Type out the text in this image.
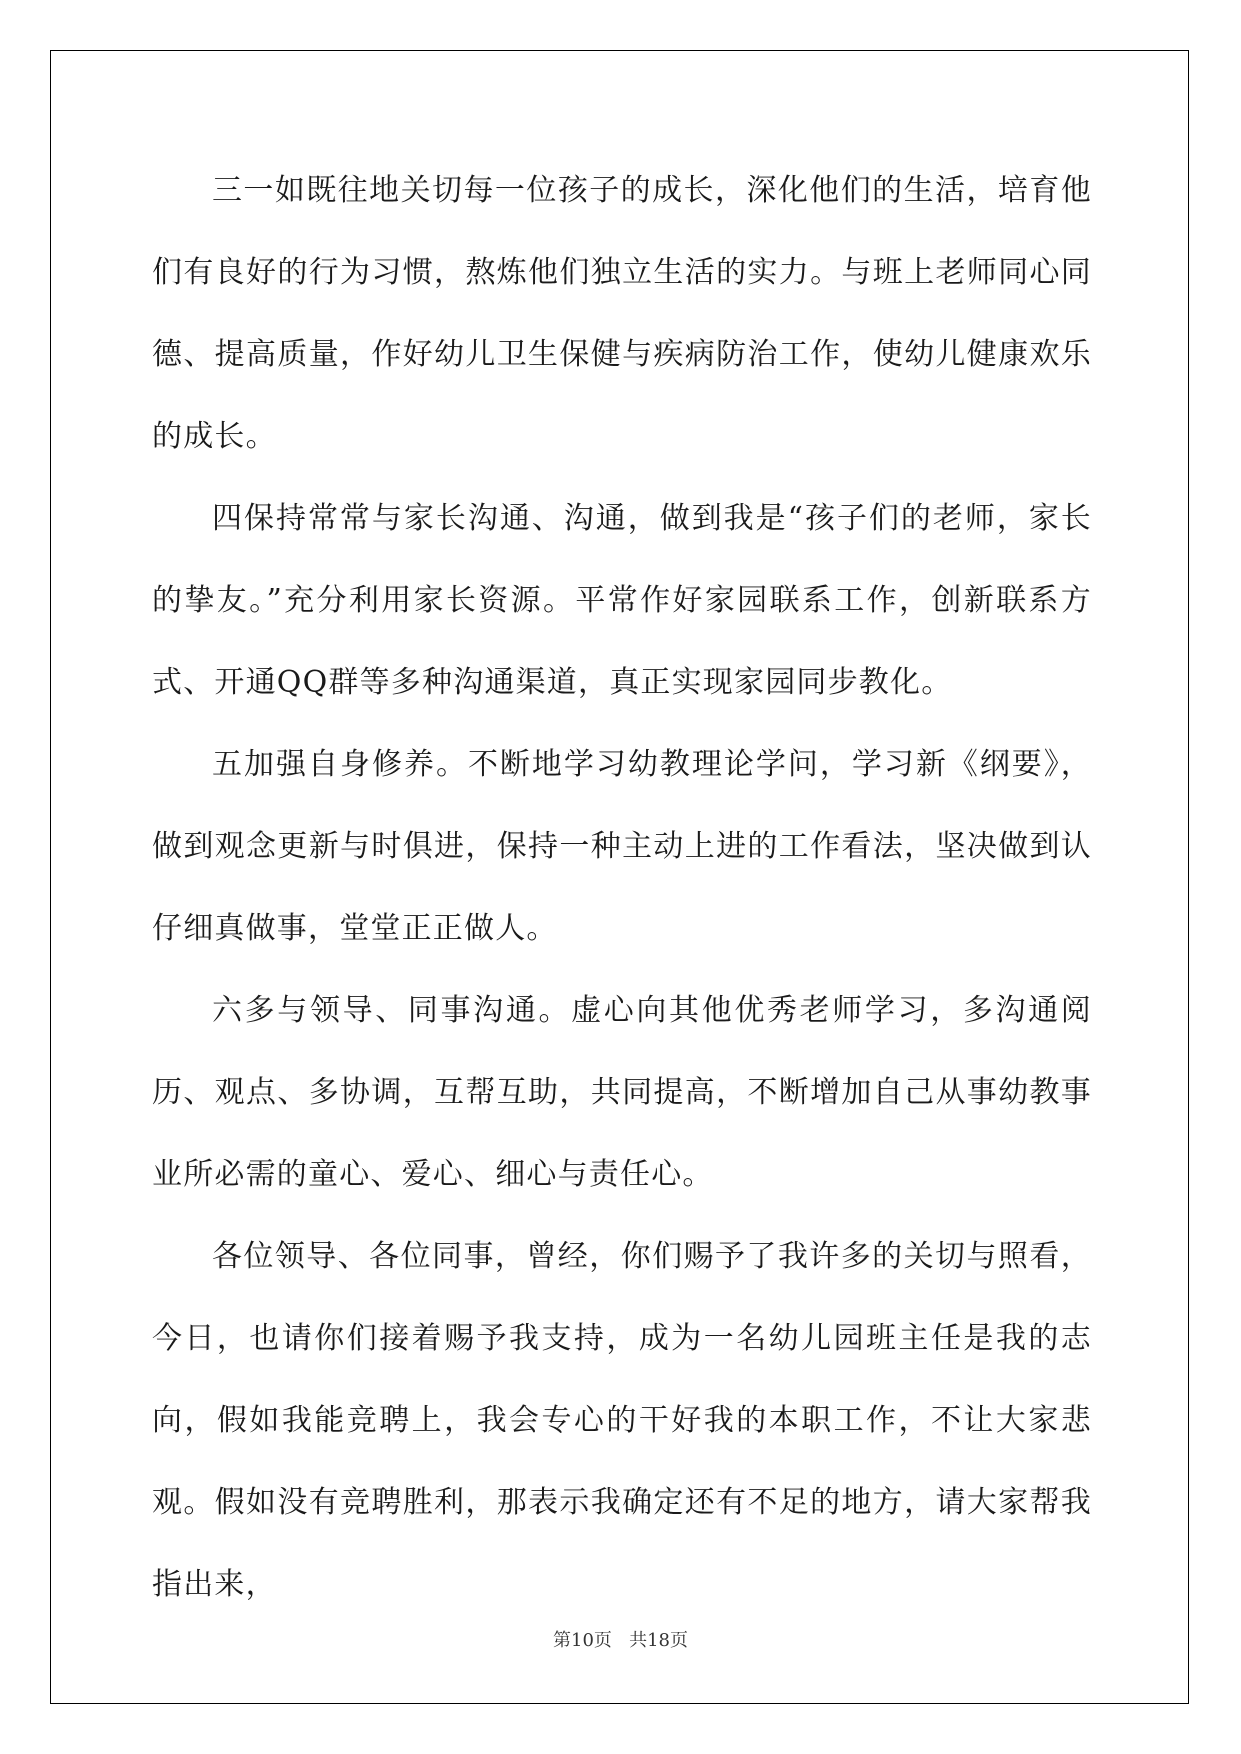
三一如既往地关切每一位孩子的成长，深化他们的生活，培育他们有良好的行为习惯，熬炼他们独立生活的实力。与班上老师同心同德、提高质量，作好幼儿卫生保健与疾病防治工作，使幼儿健康欢乐的成长。

四保持常常与家长沟通、沟通，做到我是“孩子们的老师，家长的挚友。”充分利用家长资源。平常作好家园联系工作，创新联系方式、开通QQ群等多种沟通渠道，真正实现家园同步教化。

五加强自身修养。不断地学习幼教理论学问，学习新《纲要》，做到观念更新与时俱进，保持一种主动上进的工作看法，坚决做到认仔细真做事，堂堂正正做人。

六多与领导、同事沟通。虚心向其他优秀老师学习，多沟通阅历、观点、多协调，互帮互助，共同提高，不断增加自己从事幼教事业所必需的童心、爱心、细心与责任心。

各位领导、各位同事，曾经，你们赐予了我许多的关切与照看，今日，也请你们接着赐予我支持，成为一名幼儿园班主任是我的志向，假如我能竞聘上，我会专心的干好我的本职工作，不让大家悲观。假如没有竞聘胜利，那表示我确定还有不足的地方，请大家帮我指出来，

第10页 共18页
